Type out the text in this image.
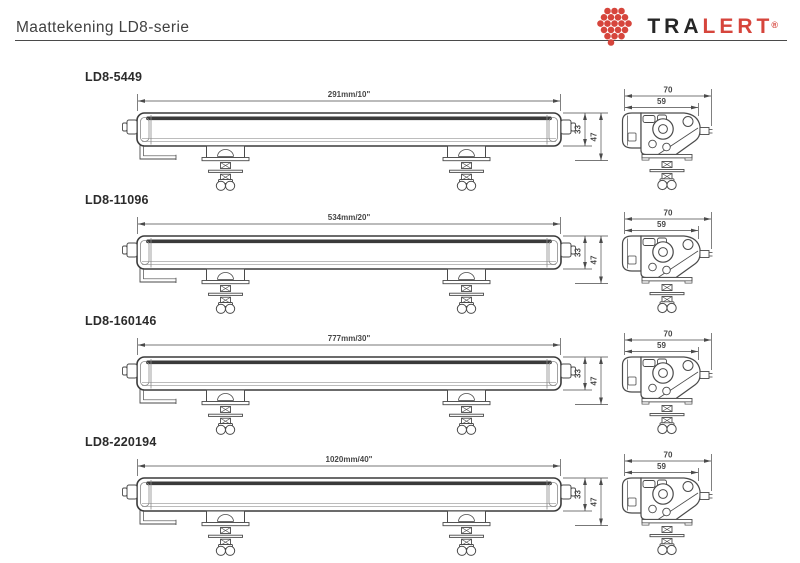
Maattekening LD8-serie	TRALERT®
LD8-5449
291mm/10"
33
47
70
59
LD8-11096
534mm/20"
33
47
70
59
LD8-160146
777mm/30"
33
47
70
59
LD8-220194
1020mm/40"
33
47
70
59
